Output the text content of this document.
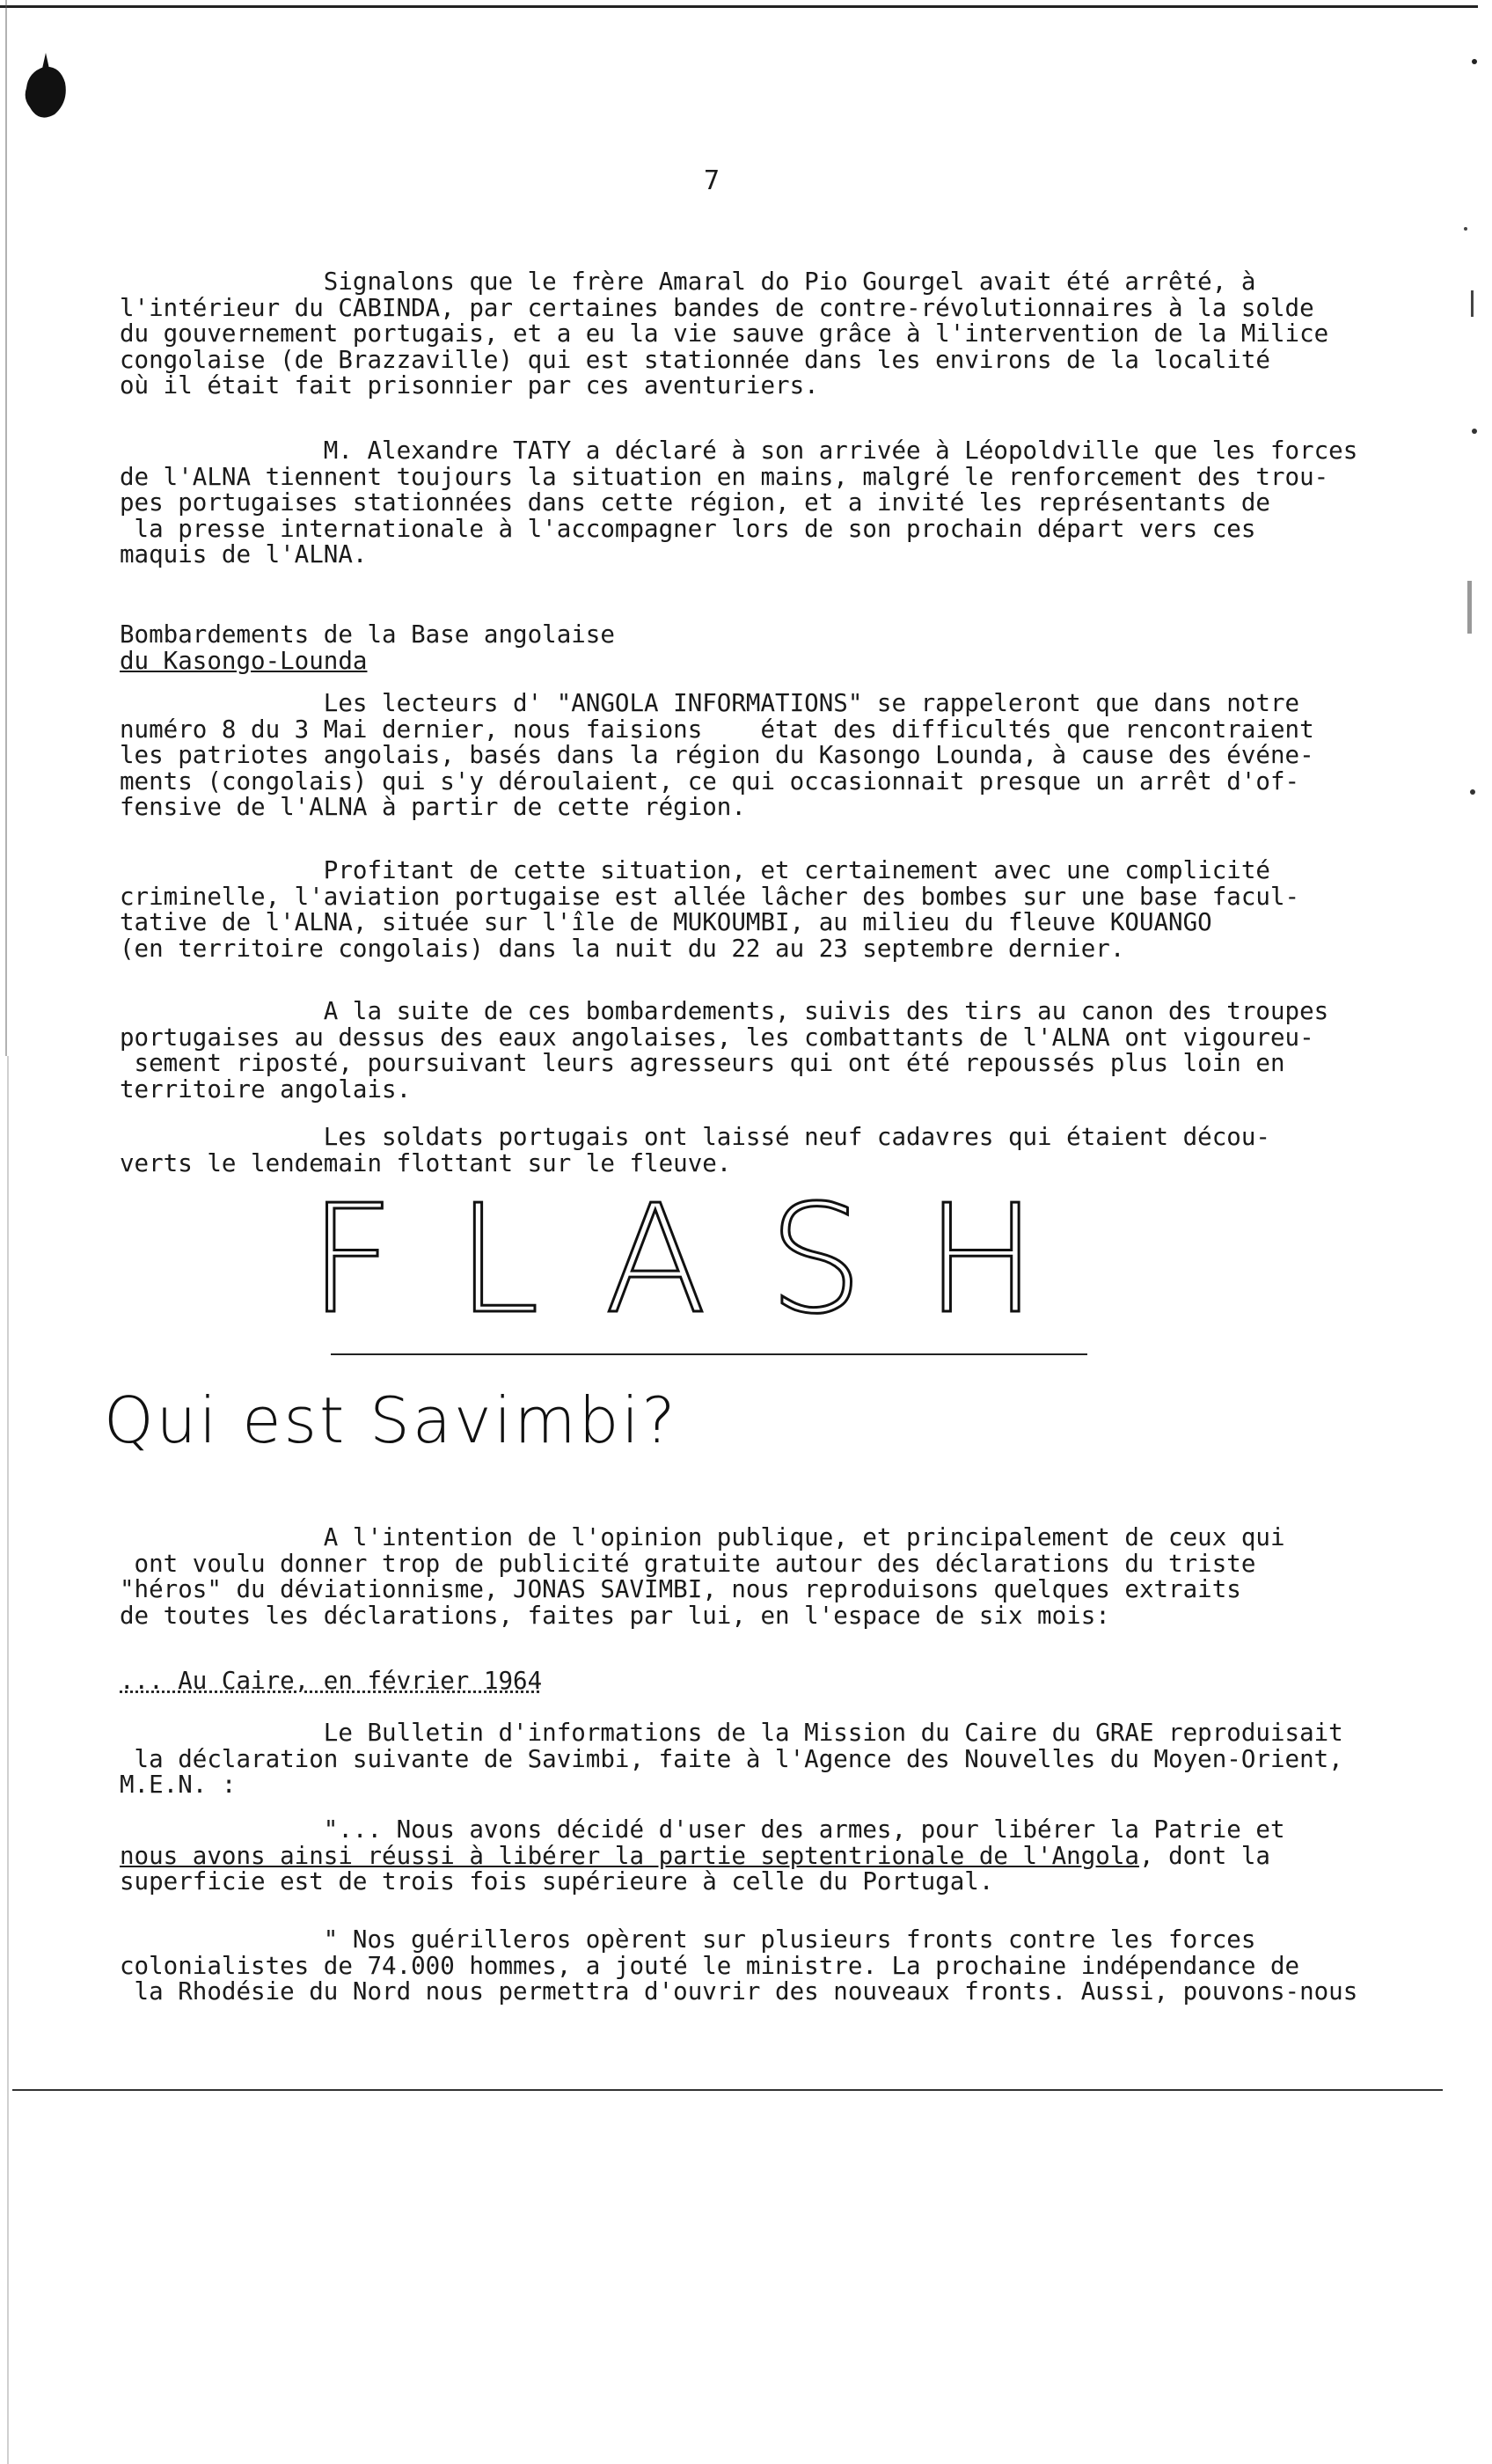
7
Signalons que le frère Amaral do Pio Gourgel avait été arrêté, à
l'intérieur du CABINDA, par certaines bandes de contre-révolutionnaires à la solde
du gouvernement portugais, et a eu la vie sauve grâce à l'intervention de la Milice
congolaise (de Brazzaville) qui est stationnée dans les environs de la localité
où il était fait prisonnier par ces aventuriers.
M. Alexandre TATY a déclaré à son arrivée à Léopoldville que les forces
de l'ALNA tiennent toujours la situation en mains, malgré le renforcement des trou-
pes portugaises stationnées dans cette région, et a invité les représentants de
la presse internationale à l'accompagner lors de son prochain départ vers ces
maquis de l'ALNA.
Bombardements de la Base angolaise
du Kasongo-Lounda
Les lecteurs d' "ANGOLA INFORMATIONS" se rappeleront que dans notre
numéro 8 du 3 Mai dernier, nous faisions    état des difficultés que rencontraient
les patriotes angolais, basés dans la région du Kasongo Lounda, à cause des événe-
ments (congolais) qui s'y déroulaient, ce qui occasionnait presque un arrêt d'of-
fensive de l'ALNA à partir de cette région.
Profitant de cette situation, et certainement avec une complicité
criminelle, l'aviation portugaise est allée lâcher des bombes sur une base facul-
tative de l'ALNA, située sur l'île de MUKOUMBI, au milieu du fleuve KOUANGO
(en territoire congolais) dans la nuit du 22 au 23 septembre dernier.
A la suite de ces bombardements, suivis des tirs au canon des troupes
portugaises au dessus des eaux angolaises, les combattants de l'ALNA ont vigoureu-
sement riposté, poursuivant leurs agresseurs qui ont été repoussés plus loin en
territoire angolais.
Les soldats portugais ont laissé neuf cadavres qui étaient décou-
verts le lendemain flottant sur le fleuve.
FLASH
Qui est Savimbi?
A l'intention de l'opinion publique, et principalement de ceux qui
ont voulu donner trop de publicité gratuite autour des déclarations du triste
"héros" du déviationnisme, JONAS SAVIMBI, nous reproduisons quelques extraits
de toutes les déclarations, faites par lui, en l'espace de six mois:
... Au Caire, en février 1964
Le Bulletin d'informations de la Mission du Caire du GRAE reproduisait
la déclaration suivante de Savimbi, faite à l'Agence des Nouvelles du Moyen-Orient,
M.E.N. :
"... Nous avons décidé d'user des armes, pour libérer la Patrie et
nous avons ainsi réussi à libérer la partie septentrionale de l'Angola, dont la
superficie est de trois fois supérieure à celle du Portugal.
" Nos guérilleros opèrent sur plusieurs fronts contre les forces
colonialistes de 74.000 hommes, a jouté le ministre. La prochaine indépendance de
la Rhodésie du Nord nous permettra d'ouvrir des nouveaux fronts. Aussi, pouvons-nous
